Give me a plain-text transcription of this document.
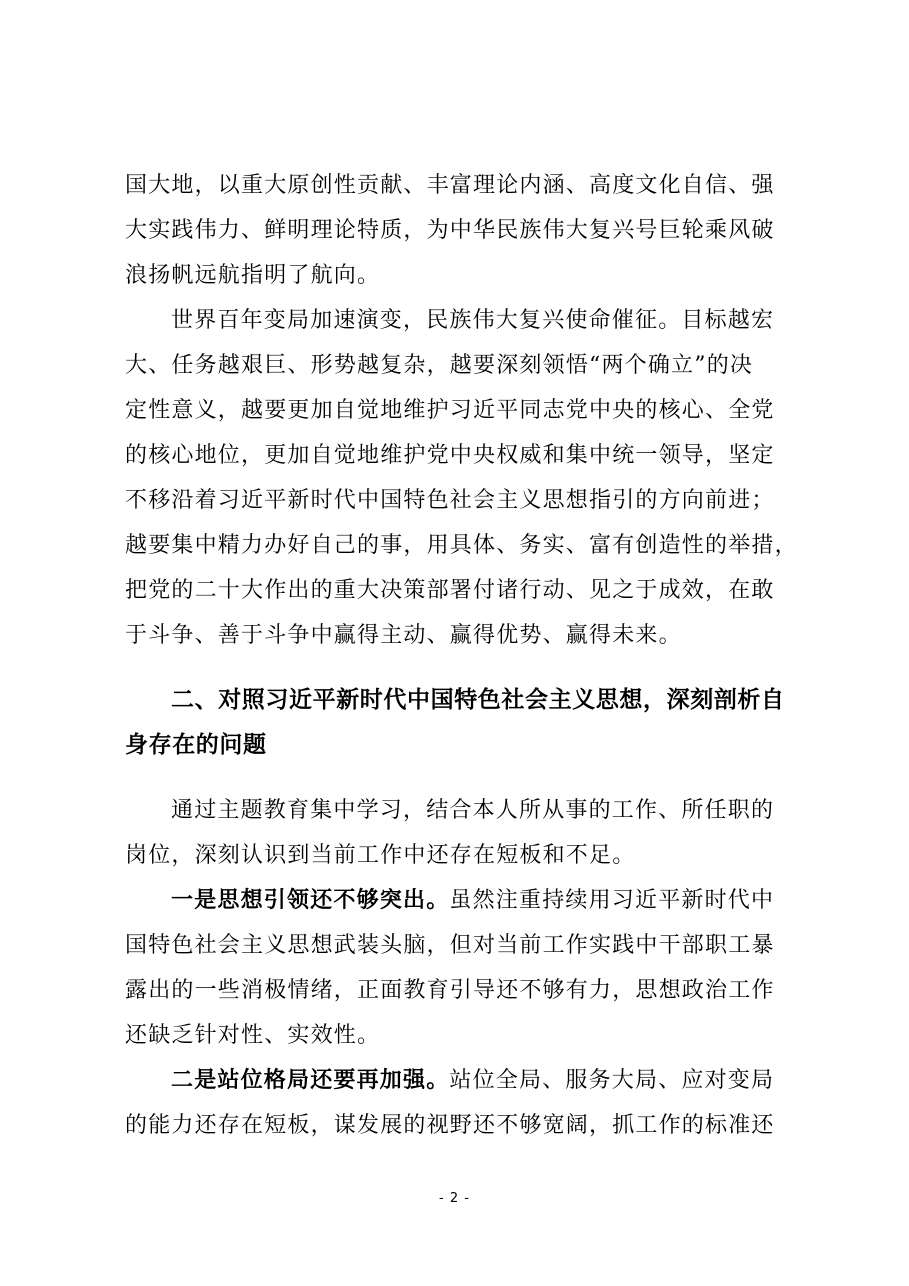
国大地，以重大原创性贡献、丰富理论内涵、高度文化自信、强
大实践伟力、鲜明理论特质，为中华民族伟大复兴号巨轮乘风破
浪扬帆远航指明了航向。
世界百年变局加速演变，民族伟大复兴使命催征。目标越宏
大、任务越艰巨、形势越复杂，越要深刻领悟“两个确立”的决
定性意义，越要更加自觉地维护习近平同志党中央的核心、全党
的核心地位，更加自觉地维护党中央权威和集中统一领导，坚定
不移沿着习近平新时代中国特色社会主义思想指引的方向前进；
越要集中精力办好自己的事，用具体、务实、富有创造性的举措，
把党的二十大作出的重大决策部署付诸行动、见之于成效，在敢
于斗争、善于斗争中赢得主动、赢得优势、赢得未来。
二、对照习近平新时代中国特色社会主义思想，深刻剖析自
身存在的问题
通过主题教育集中学习，结合本人所从事的工作、所任职的
岗位，深刻认识到当前工作中还存在短板和不足。
一是思想引领还不够突出。虽然注重持续用习近平新时代中
国特色社会主义思想武装头脑，但对当前工作实践中干部职工暴
露出的一些消极情绪，正面教育引导还不够有力，思想政治工作
还缺乏针对性、实效性。
二是站位格局还要再加强。站位全局、服务大局、应对变局
的能力还存在短板，谋发展的视野还不够宽阔，抓工作的标准还
- 2 -
